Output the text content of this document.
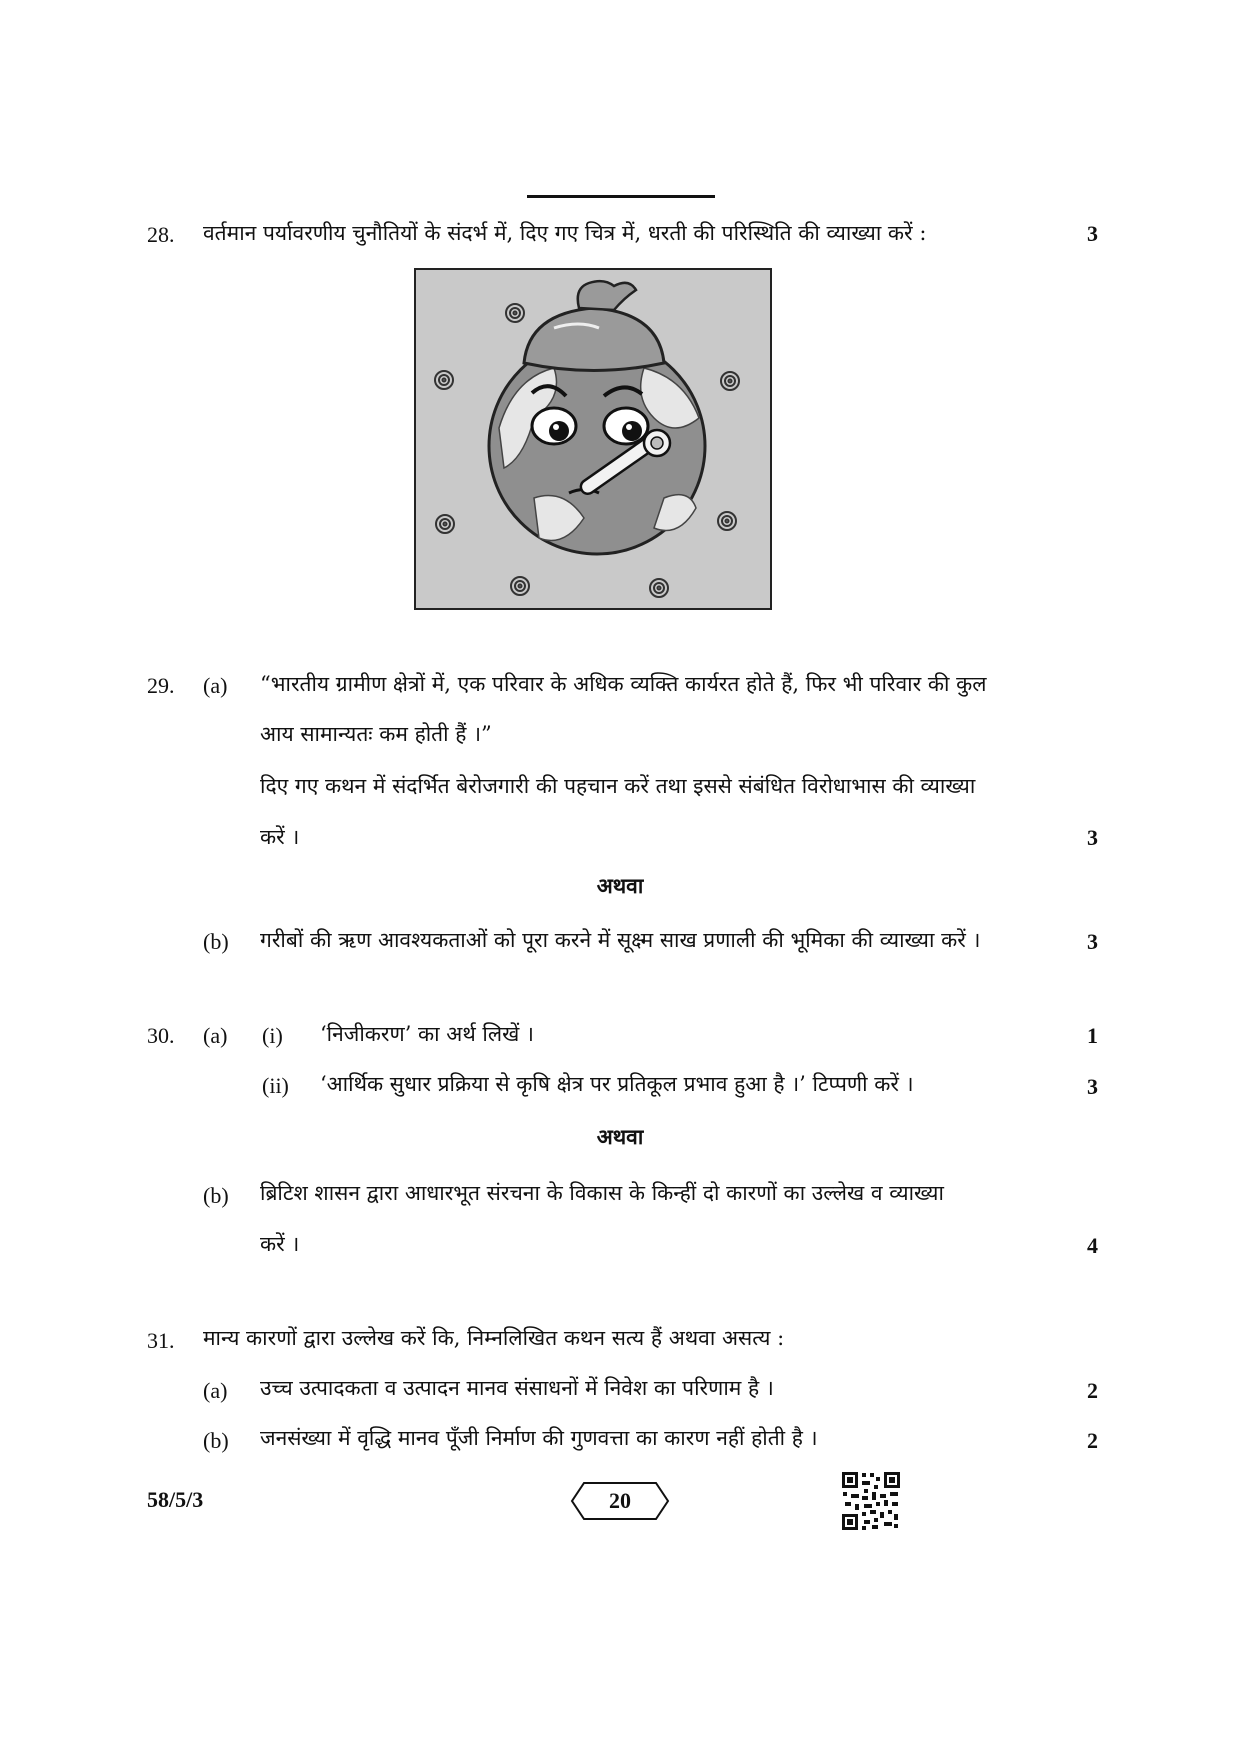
28. वर्तमान पर्यावरणीय चुनौतियों के संदर्भ में, दिए गए चित्र में, धरती की परिस्थिति की व्याख्या करें :	3
29. (a) “भारतीय ग्रामीण क्षेत्रों में, एक परिवार के अधिक व्यक्ति कार्यरत होते हैं, फिर भी परिवार की कुल
आय सामान्यतः कम होती हैं ।”
दिए गए कथन में संदर्भित बेरोजगारी की पहचान करें तथा इससे संबंधित विरोधाभास की व्याख्या
करें ।	3
अथवा
(b) गरीबों की ऋण आवश्यकताओं को पूरा करने में सूक्ष्म साख प्रणाली की भूमिका की व्याख्या करें ।	3
30. (a) (i) ‘निजीकरण’ का अर्थ लिखें ।	1
(ii) ‘आर्थिक सुधार प्रक्रिया से कृषि क्षेत्र पर प्रतिकूल प्रभाव हुआ है ।’ टिप्पणी करें ।	3
अथवा
(b) ब्रिटिश शासन द्वारा आधारभूत संरचना के विकास के किन्हीं दो कारणों का उल्लेख व व्याख्या
करें ।	4
31. मान्य कारणों द्वारा उल्लेख करें कि, निम्नलिखित कथन सत्य हैं अथवा असत्य :
(a) उच्च उत्पादकता व उत्पादन मानव संसाधनों में निवेश का परिणाम है ।	2
(b) जनसंख्या में वृद्धि मानव पूँजी निर्माण की गुणवत्ता का कारण नहीं होती है ।	2
58/5/3	20
